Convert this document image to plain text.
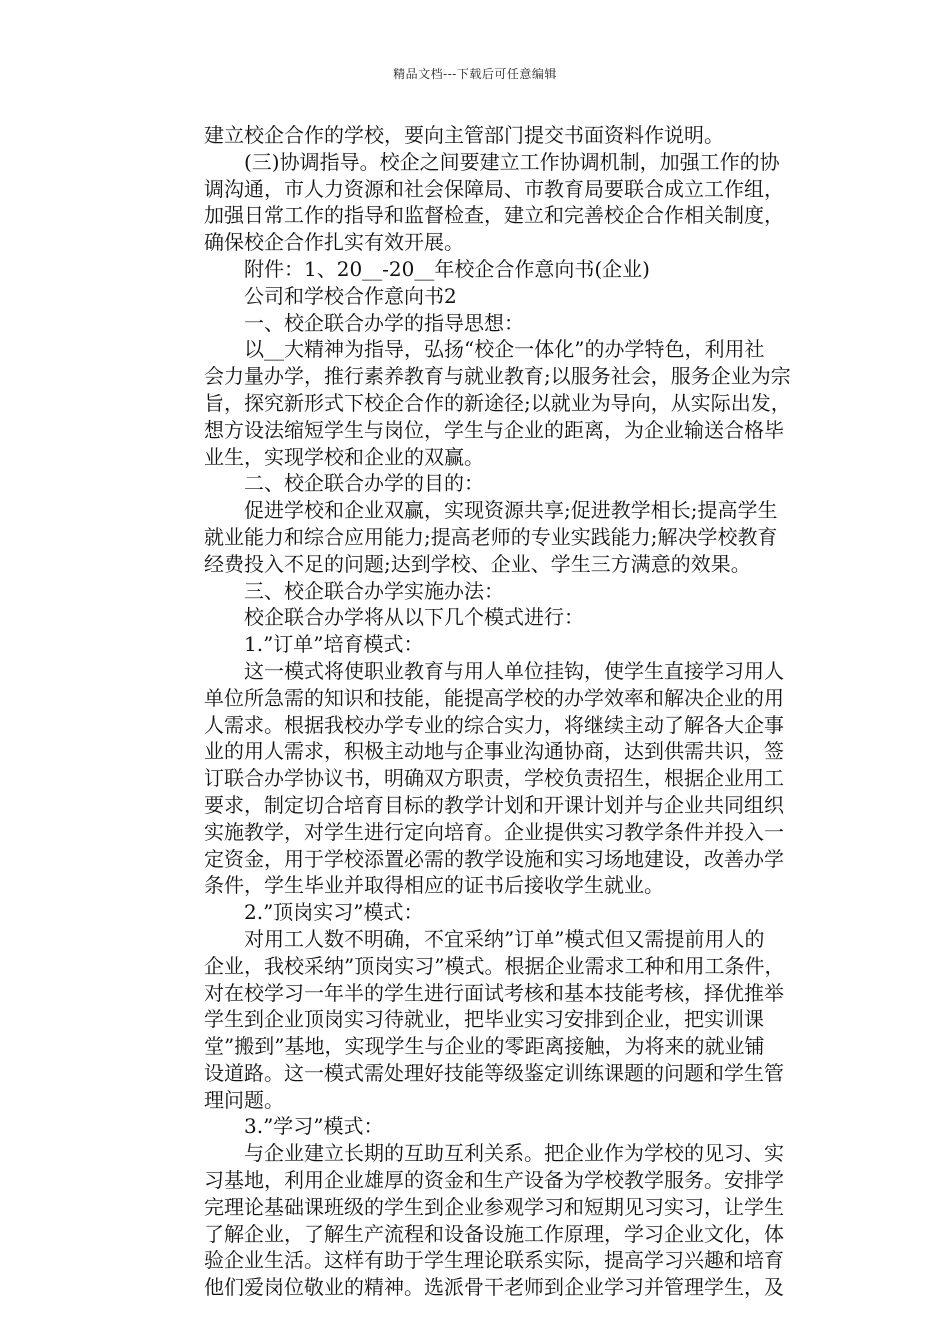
精品文档---下载后可任意编辑
建立校企合作的学校，要向主管部门提交书面资料作说明。
(三)协调指导。校企之间要建立工作协调机制，加强工作的协
调沟通，市人力资源和社会保障局、市教育局要联合成立工作组，
加强日常工作的指导和监督检查，建立和完善校企合作相关制度，
确保校企合作扎实有效开展。
附件：1、20__-20__年校企合作意向书(企业)
公司和学校合作意向书2
一、校企联合办学的指导思想：
以__大精神为指导，弘扬“校企一体化”的办学特色，利用社
会力量办学，推行素养教育与就业教育;以服务社会，服务企业为宗
旨，探究新形式下校企合作的新途径;以就业为导向，从实际出发，
想方设法缩短学生与岗位，学生与企业的距离，为企业输送合格毕
业生，实现学校和企业的双赢。
二、校企联合办学的目的：
促进学校和企业双赢，实现资源共享;促进教学相长;提高学生
就业能力和综合应用能力;提高老师的专业实践能力;解决学校教育
经费投入不足的问题;达到学校、企业、学生三方满意的效果。
三、校企联合办学实施办法：
校企联合办学将从以下几个模式进行：
1.”订单”培育模式：
这一模式将使职业教育与用人单位挂钩，使学生直接学习用人
单位所急需的知识和技能，能提高学校的办学效率和解决企业的用
人需求。根据我校办学专业的综合实力，将继续主动了解各大企事
业的用人需求，积极主动地与企事业沟通协商，达到供需共识，签
订联合办学协议书，明确双方职责，学校负责招生，根据企业用工
要求，制定切合培育目标的教学计划和开课计划并与企业共同组织
实施教学，对学生进行定向培育。企业提供实习教学条件并投入一
定资金，用于学校添置必需的教学设施和实习场地建设，改善办学
条件，学生毕业并取得相应的证书后接收学生就业。
2.”顶岗实习”模式：
对用工人数不明确，不宜采纳”订单”模式但又需提前用人的
企业，我校采纳”顶岗实习”模式。根据企业需求工种和用工条件，
对在校学习一年半的学生进行面试考核和基本技能考核，择优推举
学生到企业顶岗实习待就业，把毕业实习安排到企业，把实训课
堂”搬到”基地，实现学生与企业的零距离接触，为将来的就业铺
设道路。这一模式需处理好技能等级鉴定训练课题的问题和学生管
理问题。
3.”学习”模式：
与企业建立长期的互助互利关系。把企业作为学校的见习、实
习基地，利用企业雄厚的资金和生产设备为学校教学服务。安排学
完理论基础课班级的学生到企业参观学习和短期见习实习，让学生
了解企业，了解生产流程和设备设施工作原理，学习企业文化，体
验企业生活。这样有助于学生理论联系实际，提高学习兴趣和培育
他们爱岗位敬业的精神。选派骨干老师到企业学习并管理学生，及
